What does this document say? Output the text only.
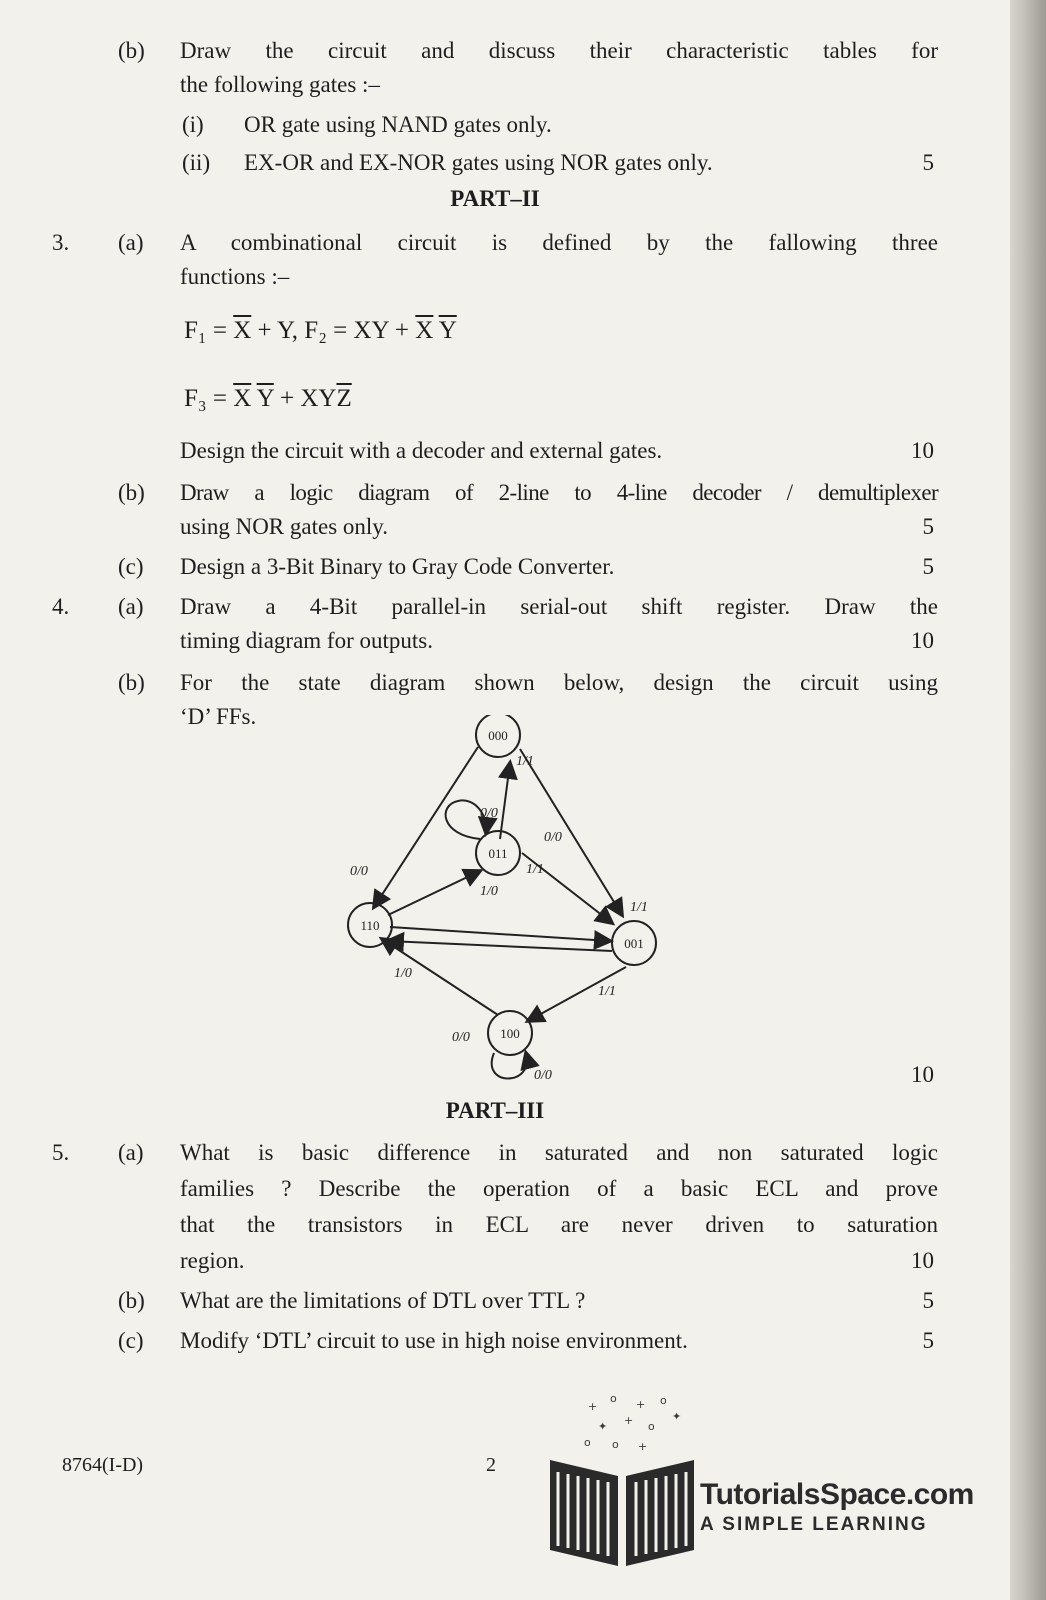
(b) Draw the circuit and discuss their characteristic tables for
the following gates :–
(i) OR gate using NAND gates only.
(ii) EX-OR and EX-NOR gates using NOR gates only.	5
PART–II
3. (a) A combinational circuit is defined by the fallowing three
functions :–
$F_1 = \overline{X} + Y$, F₂ = XY + $\overline{X}$ $\overline{Y}$
$F_3 = \overline{X}$ $\overline{Y} + XY\overline{Z}$
Design the circuit with a decoder and external gates.	10
(b) Draw a logic diagram of 2-line to 4-line decoder / demultiplexer
using NOR gates only.	5
(c) Design a 3-Bit Binary to Gray Code Converter.	5
4. (a) Draw a 4-Bit parallel-in serial-out shift register. Draw the
timing diagram for outputs.	10
(b) For the state diagram shown below, design the circuit using
‘D’ FFs.
000
011
110
001
100
1/1
0/0
0/0	1/1
1/0
1/1
1/0
0/0
1/1
0/0
0/0
10
PART–III
5. (a) What is basic difference in saturated and non saturated logic
families ? Describe the operation of a basic ECL and prove
that the transistors in ECL are never driven to saturation
region.	10
(b) What are the limitations of DTL over TTL ?	5
(c) Modify ‘DTL’ circuit to use in high noise environment.	5
8764(I-D)	2
+
o + o
✦ + o
✦
o +
o
TutorialsSpace.com
A SIMPLE LEARNING
